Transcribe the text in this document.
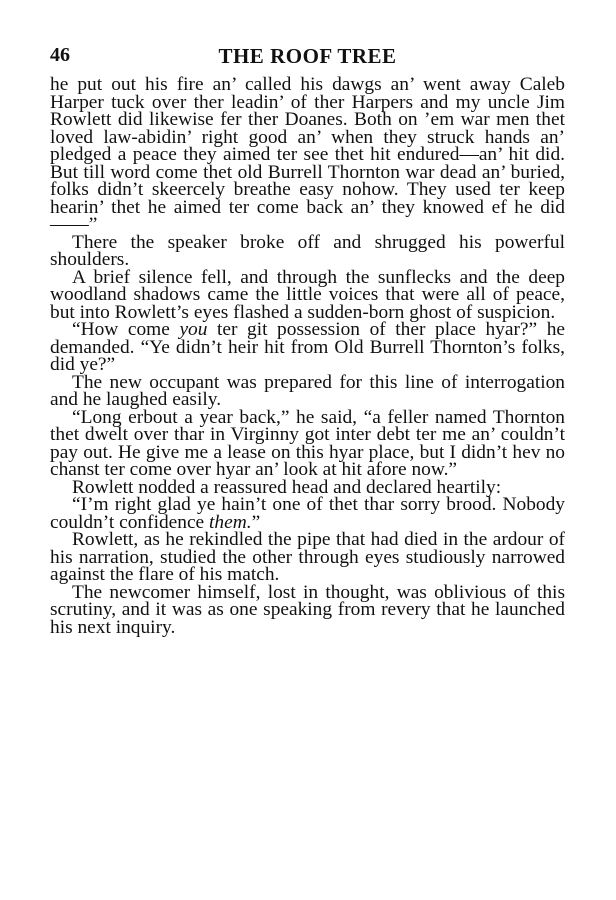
46	THE ROOF TREE

he put out his fire an’ called his dawgs an’ went away Caleb Harper tuck over ther leadin’ of ther Harpers and my uncle Jim Rowlett did likewise fer ther Doanes. Both on ’em war men thet loved law-abidin’ right good an’ when they struck hands an’ pledged a peace they aimed ter see thet hit endured—an’ hit did. But till word come thet old Burrell Thornton war dead an’ buried, folks didn’t skeercely breathe easy nohow. They used ter keep hearin’ thet he aimed ter come back an’ they knowed ef he did——”

There the speaker broke off and shrugged his powerful shoulders.

A brief silence fell, and through the sunflecks and the deep woodland shadows came the little voices that were all of peace, but into Rowlett’s eyes flashed a sudden-born ghost of suspicion.

“How come you ter git possession of ther place hyar?” he demanded. “Ye didn’t heir hit from Old Burrell Thornton’s folks, did ye?”

The new occupant was prepared for this line of interrogation and he laughed easily.

“Long erbout a year back,” he said, “a feller named Thornton thet dwelt over thar in Virginny got inter debt ter me an’ couldn’t pay out. He give me a lease on this hyar place, but I didn’t hev no chanst ter come over hyar an’ look at hit afore now.”

Rowlett nodded a reassured head and declared heartily:

“I’m right glad ye hain’t one of thet thar sorry brood. Nobody couldn’t confidence them.”

Rowlett, as he rekindled the pipe that had died in the ardour of his narration, studied the other through eyes studiously narrowed against the flare of his match.

The newcomer himself, lost in thought, was oblivious of this scrutiny, and it was as one speaking from revery that he launched his next inquiry.
